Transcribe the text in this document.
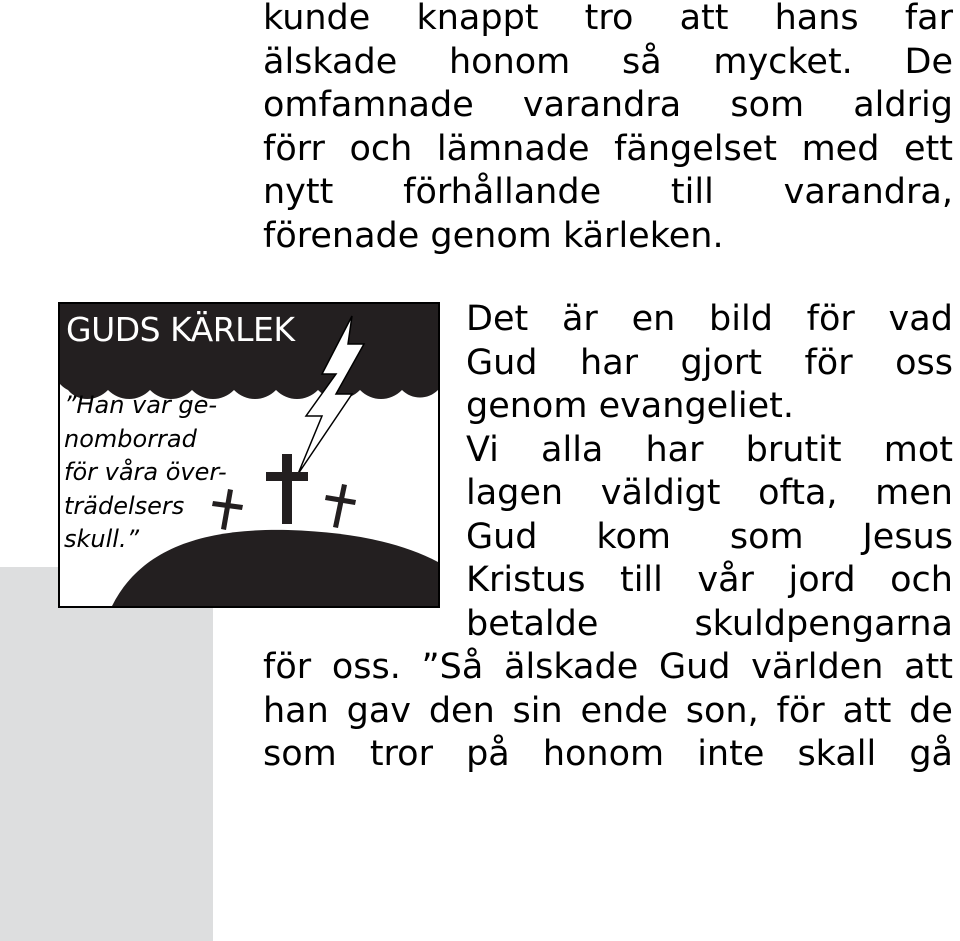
kunde knappt tro att hans far
älskade honom så mycket. De
omfamnade varandra som aldrig
förr och lämnade fängelset med ett
nytt förhållande till varandra,
förenade genom kärleken.
GUDS KÄRLEK
”Han var ge-
nomborrad
för våra över-
trädelsers
skull.”
Det är en bild för vad
Gud har gjort för oss
genom evangeliet.
Vi alla har brutit mot
lagen väldigt ofta, men
Gud kom som Jesus
Kristus till vår jord och
betalde	skuldpengarna
för oss. ”Så älskade Gud världen att
han gav den sin ende son, för att de
som tror på honom inte skall gå
